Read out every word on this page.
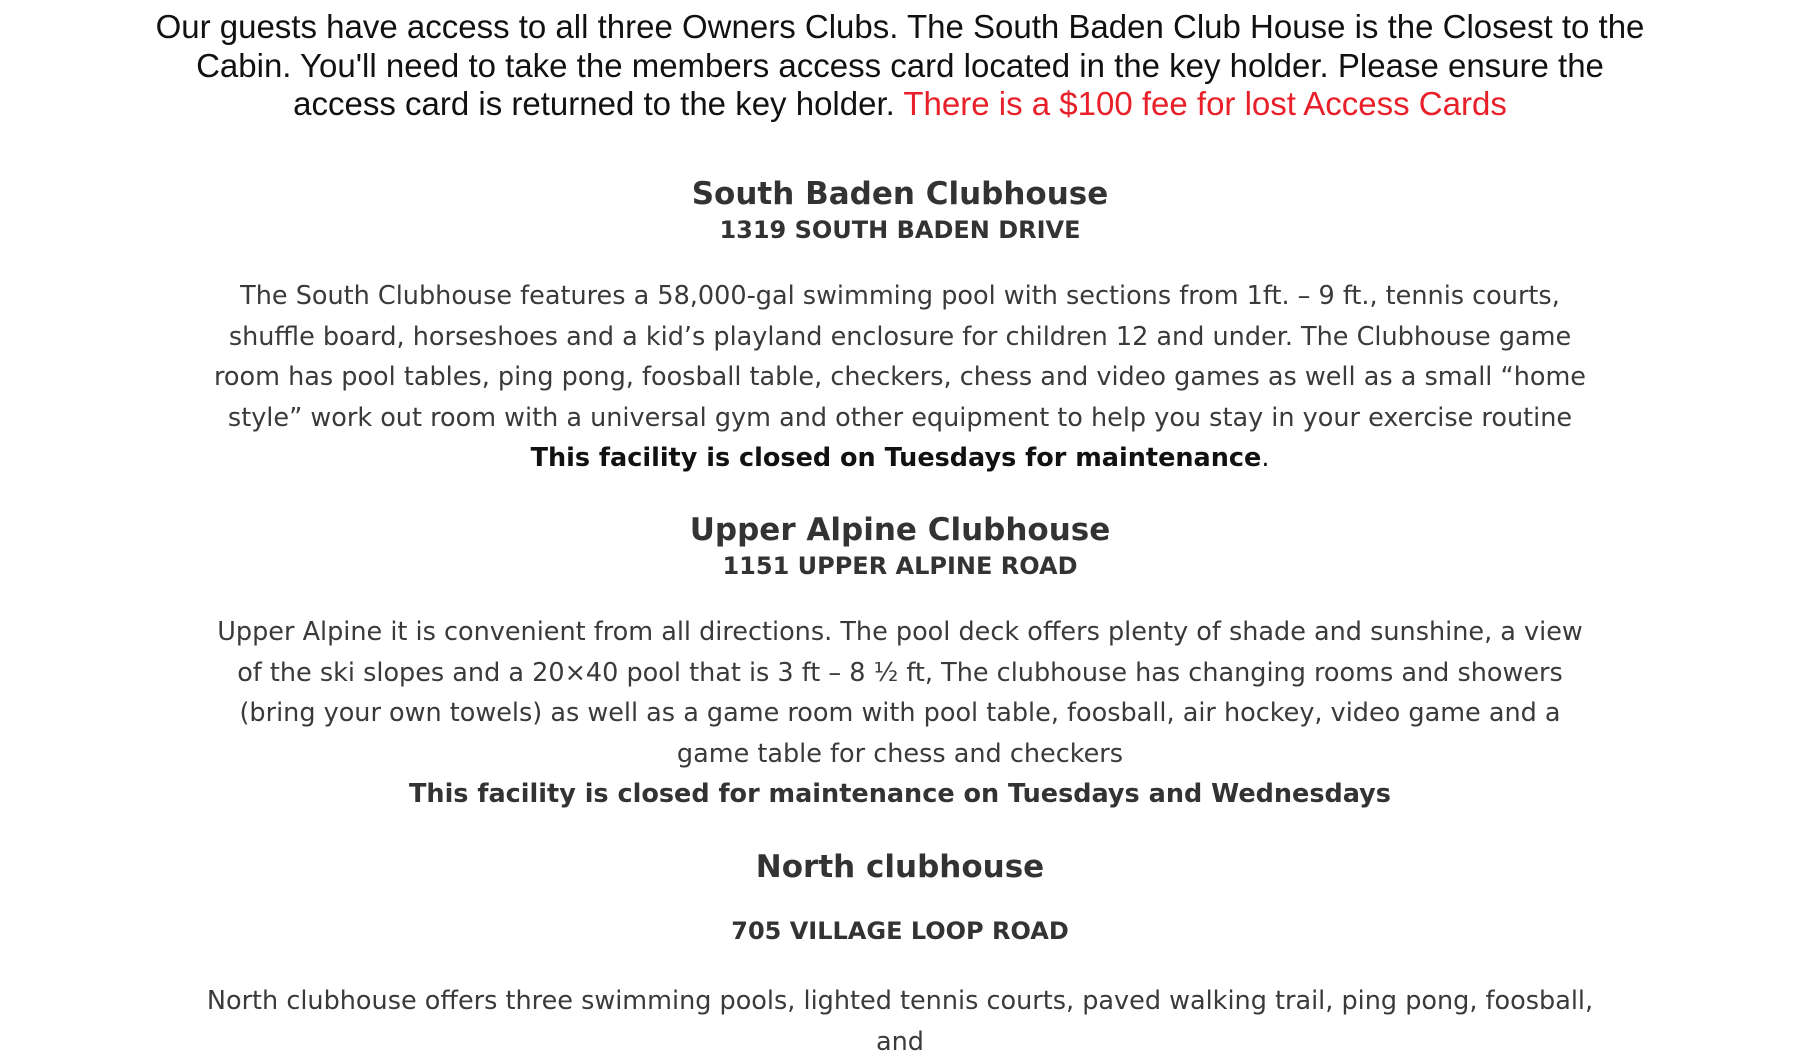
Our guests have access to all three Owners Clubs. The South Baden Club House is the Closest to the Cabin. You'll need to take the members access card located in the key holder. Please ensure the access card is returned to the key holder. There is a $100 fee for lost Access Cards
South Baden Clubhouse
1319 SOUTH BADEN DRIVE

The South Clubhouse features a 58,000-gal swimming pool with sections from 1ft. – 9 ft., tennis courts, shuffle board, horseshoes and a kid’s playland enclosure for children 12 and under. The Clubhouse game room has pool tables, ping pong, foosball table, checkers, chess and video games as well as a small “home style” work out room with a universal gym and other equipment to help you stay in your exercise routine

This facility is closed on Tuesdays for maintenance.
Upper Alpine Clubhouse
1151 UPPER ALPINE ROAD

Upper Alpine it is convenient from all directions. The pool deck offers plenty of shade and sunshine, a view of the ski slopes and a 20×40 pool that is 3 ft – 8 ½ ft, The clubhouse has changing rooms and showers (bring your own towels) as well as a game room with pool table, foosball, air hockey, video game and a game table for chess and checkers

This facility is closed for maintenance on Tuesdays and Wednesdays
North clubhouse
705 VILLAGE LOOP ROAD

North clubhouse offers three swimming pools, lighted tennis courts, paved walking trail, ping pong, foosball, and
